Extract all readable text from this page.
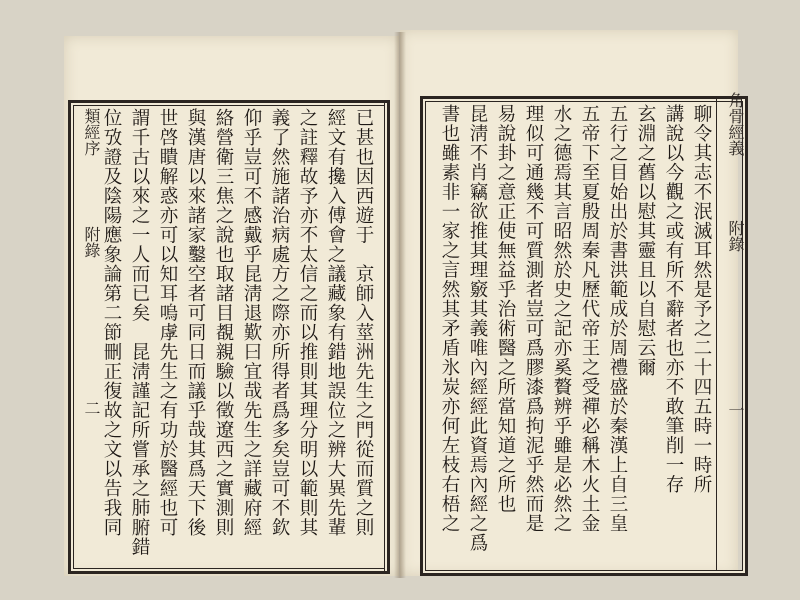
類經序
附錄
二	已甚也因西遊于　京師入莖洲先生之門從而質之則
經文有攙入傅會之議藏象有錯地誤位之辨大異先輩
之註釋故予亦不太信之而以推則其理分明以範則其
義了然施諸治病處方之際亦所得者爲多矣豈可不欽
仰乎豈可不感戴乎昆淸退歎曰宜哉先生之詳藏府經
絡營衛三焦之說也取諸目覩親驗以徵遼西之實測則
與漢唐以來諸家鑿空者可同日而議乎哉其爲天下後
世啓瞶解惑亦可以知耳嗚虖先生之有功於醫經也可
謂千古以來之一人而已矣　昆淸謹記所嘗承之肺腑錯
位攷證及陰陽應象論第二節刪正復故之文以告我同	角骨經義
附錄
一
聊令其志不泯滅耳然是予之二十四五時一時所
講說以今觀之或有所不辭者也亦不敢筆削一存
玄淵之舊以慰其靈且以自慰云爾
五行之目始出於書洪範成於周禮盛於秦漢上自三皇
五帝下至夏殷周秦凡歷代帝王之受禪必稱木火土金
水之德焉其言昭然於史之記亦奚贅辨乎雖是必然之
理似可通幾不可質測者豈可爲膠漆爲拘泥乎然而是
易說卦之意正使無益乎治術醫之所當知道之所也
昆淸不肖竊欲推其理竅其義唯內經經此資焉內經之爲
書也雖素非一家之言然其矛盾氷炭亦何左枝右梧之
